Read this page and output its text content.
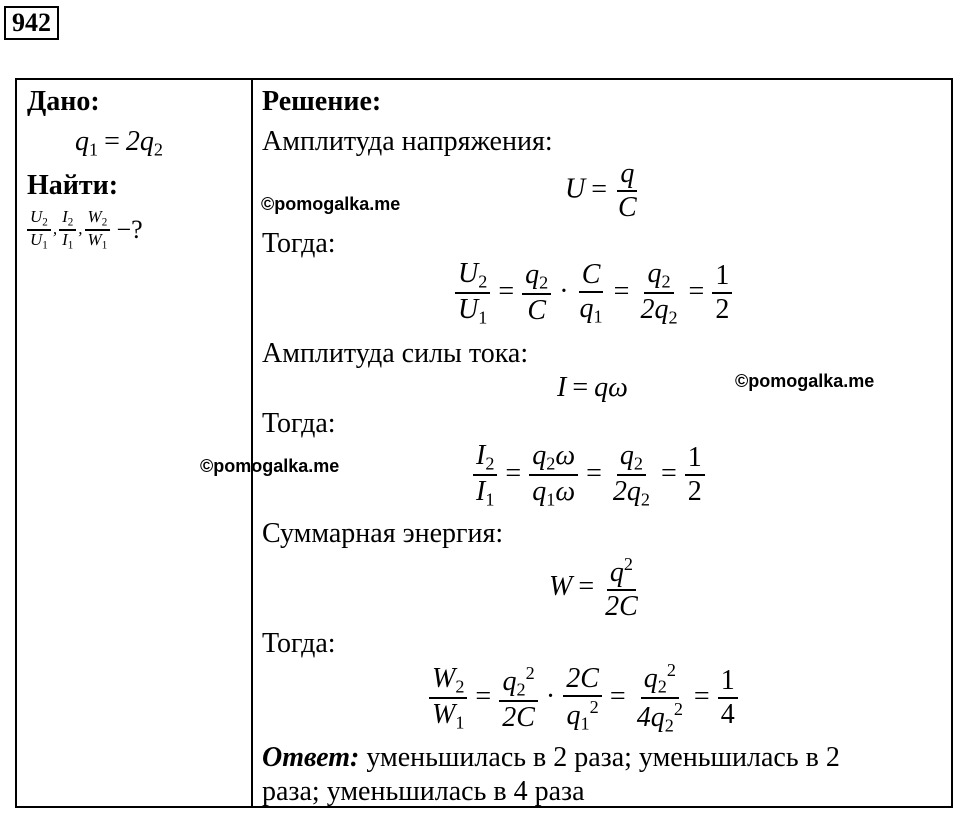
942
Дано:
$q_1 = 2q_2$
Найти:
$\frac{U_2}{U_1}$ , $\frac{I_2}{I_1}$ , $\frac{W_2}{W_1}$ −?
Решение:
Амплитуда напряжения:
$U = \frac{q}{C}$
©pomogalka.me
Тогда:
$\frac{U_2}{U_1} = \frac{q_2}{C} \cdot \frac{C}{q_1} = \frac{q_2}{2q_2} = \frac{1}{2}$
Амплитуда силы тока:
I = qω	©pomogalka.me
Тогда:
©pomogalka.me	$\frac{I_2}{I_1} = \frac{q_2\omega}{q_1\omega} = \frac{q_2}{2q_2} = \frac{1}{2}$
Суммарная энергия:
$W = \frac{q^2}{2C}$
Тогда:
$\frac{W_2}{W_1} = \frac{q_2^2}{2C} \cdot \frac{2C}{q_1^2} = \frac{q_2^2}{4q_2^2} = \frac{1}{4}$
Ответ: уменьшилась в 2 раза; уменьшилась в 2
раза; уменьшилась в 4 раза
